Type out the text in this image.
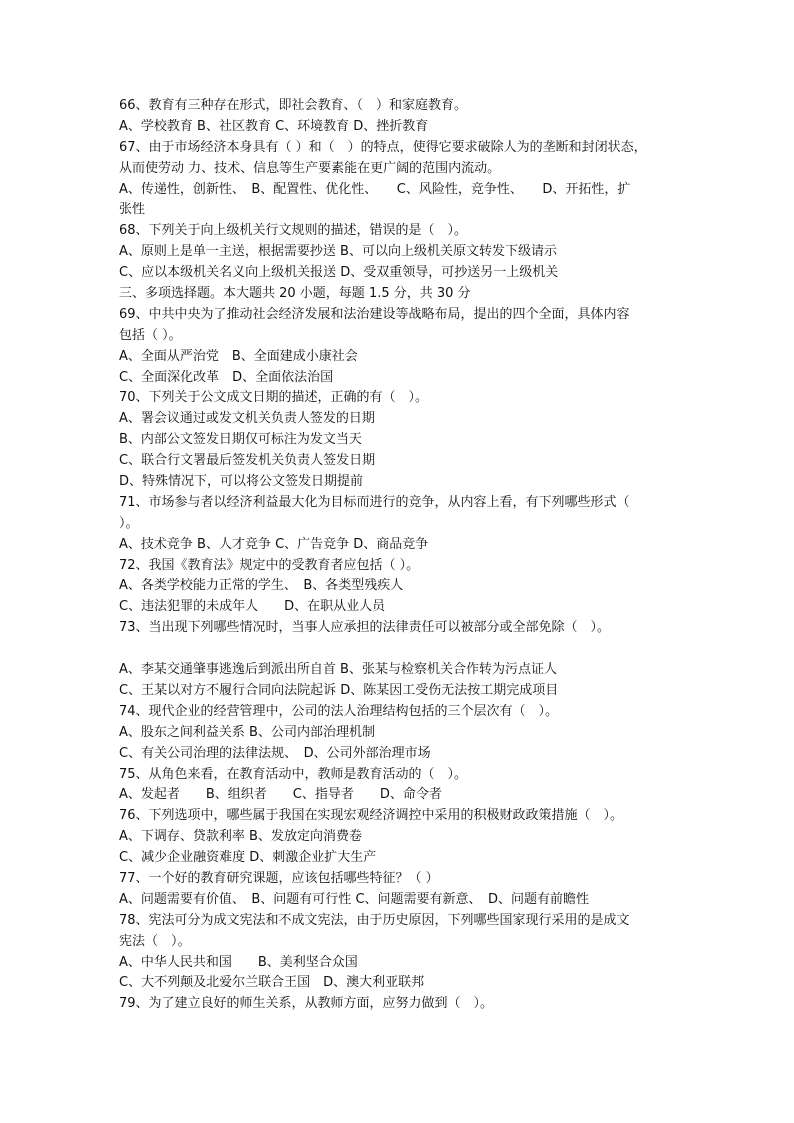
66、教育有三种存在形式，即社会教育、（　）和家庭教育。
A、学校教育 B、社区教育 C、环境教育 D、挫折教育
67、由于市场经济本身具有（ ）和（　）的特点，使得它要求破除人为的垄断和封闭状态，
从而使劳动 力、技术、信息等生产要素能在更广阔的范围内流动。
A、传递性，创新性、　B、配置性、优化性、　　C、风险性，竞争性、　　D、开拓性，扩
张性
68、下列关于向上级机关行文规则的描述，错误的是（　）。
A、原则上是单一主送，根据需要抄送 B、可以向上级机关原文转发下级请示
C、应以本级机关名义向上级机关报送 D、受双重领导，可抄送另一上级机关
三、多项选择题。本大题共 20 小题，每题 1.5 分，共 30 分
69、中共中央为了推动社会经济发展和法治建设等战略布局，提出的四个全面，具体内容
包括（ ）。
A、全面从严治党　B、全面建成小康社会
C、全面深化改革　D、全面依法治国
70、下列关于公文成文日期的描述，正确的有（　）。
A、署会议通过或发文机关负责人签发的日期
B、内部公文签发日期仅可标注为发文当天
C、联合行文署最后签发机关负责人签发日期
D、特殊情况下，可以将公文签发日期提前
71、市场参与者以经济利益最大化为目标而进行的竞争，从内容上看，有下列哪些形式（
）。
A、技术竞争 B、人才竞争 C、广告竞争 D、商品竞争
72、我国《教育法》规定中的受教育者应包括（ ）。
A、各类学校能力正常的学生、　B、各类型残疾人
C、违法犯罪的未成年人　　D、在职从业人员
73、当出现下列哪些情况时，当事人应承担的法律责任可以被部分或全部免除（　）。
A、李某交通肇事逃逸后到派出所自首 B、张某与检察机关合作转为污点证人
C、王某以对方不履行合同向法院起诉 D、陈某因工受伤无法按工期完成项目
74、现代企业的经营管理中，公司的法人治理结构包括的三个层次有（　）。
A、股东之间利益关系 B、公司内部治理机制
C、有关公司治理的法律法规、　D、公司外部治理市场
75、从角色来看，在教育活动中，教师是教育活动的（　）。
A、发起者　　B、组织者　　C、指导者　　D、命令者
76、下列选项中，哪些属于我国在实现宏观经济调控中采用的积极财政政策措施（　）。
A、下调存、贷款利率 B、发放定向消费卷
C、减少企业融资难度 D、刺激企业扩大生产
77、一个好的教育研究课题，应该包括哪些特征？（ ）
A、问题需要有价值、　B、问题有可行性 C、问题需要有新意、　D、问题有前瞻性
78、宪法可分为成文宪法和不成文宪法，由于历史原因，下列哪些国家现行采用的是成文
宪法（　）。
A、中华人民共和国　　B、美利坚合众国
C、大不列颠及北爱尔兰联合王国　D、澳大利亚联邦
79、为了建立良好的师生关系，从教师方面，应努力做到（　）。
